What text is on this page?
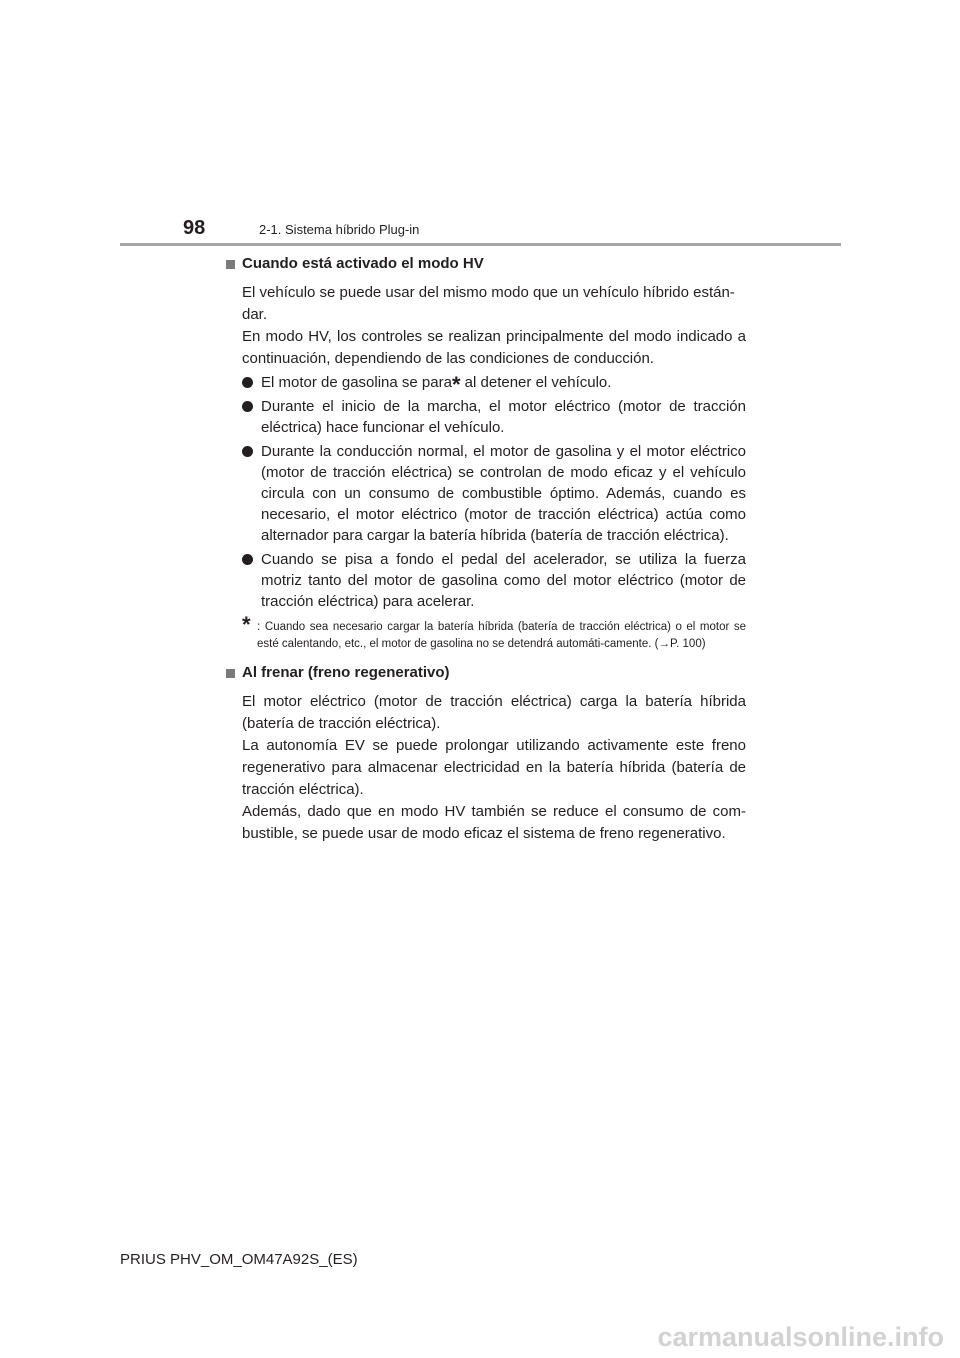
98	2-1. Sistema híbrido Plug-in
Cuando está activado el modo HV
El vehículo se puede usar del mismo modo que un vehículo híbrido están-
dar.
En modo HV, los controles se realizan principalmente del modo indicado a continuación, dependiendo de las condiciones de conducción.
El motor de gasolina se para* al detener el vehículo.
Durante el inicio de la marcha, el motor eléctrico (motor de tracción eléctrica) hace funcionar el vehículo.
Durante la conducción normal, el motor de gasolina y el motor eléctrico (motor de tracción eléctrica) se controlan de modo eficaz y el vehículo circula con un consumo de combustible óptimo. Además, cuando es necesario, el motor eléctrico (motor de tracción eléctrica) actúa como alternador para cargar la batería híbrida (batería de tracción eléctrica).
Cuando se pisa a fondo el pedal del acelerador, se utiliza la fuerza motriz tanto del motor de gasolina como del motor eléctrico (motor de tracción eléctrica) para acelerar.
* : Cuando sea necesario cargar la batería híbrida (batería de tracción eléctrica) o el motor se esté calentando, etc., el motor de gasolina no se detendrá automáti-camente. (→P. 100)
Al frenar (freno regenerativo)
El motor eléctrico (motor de tracción eléctrica) carga la batería híbrida (batería de tracción eléctrica).
La autonomía EV se puede prolongar utilizando activamente este freno regenerativo para almacenar electricidad en la batería híbrida (batería de tracción eléctrica).
Además, dado que en modo HV también se reduce el consumo de com-bustible, se puede usar de modo eficaz el sistema de freno regenerativo.
PRIUS PHV_OM_OM47A92S_(ES)
carmanualsonline.info
